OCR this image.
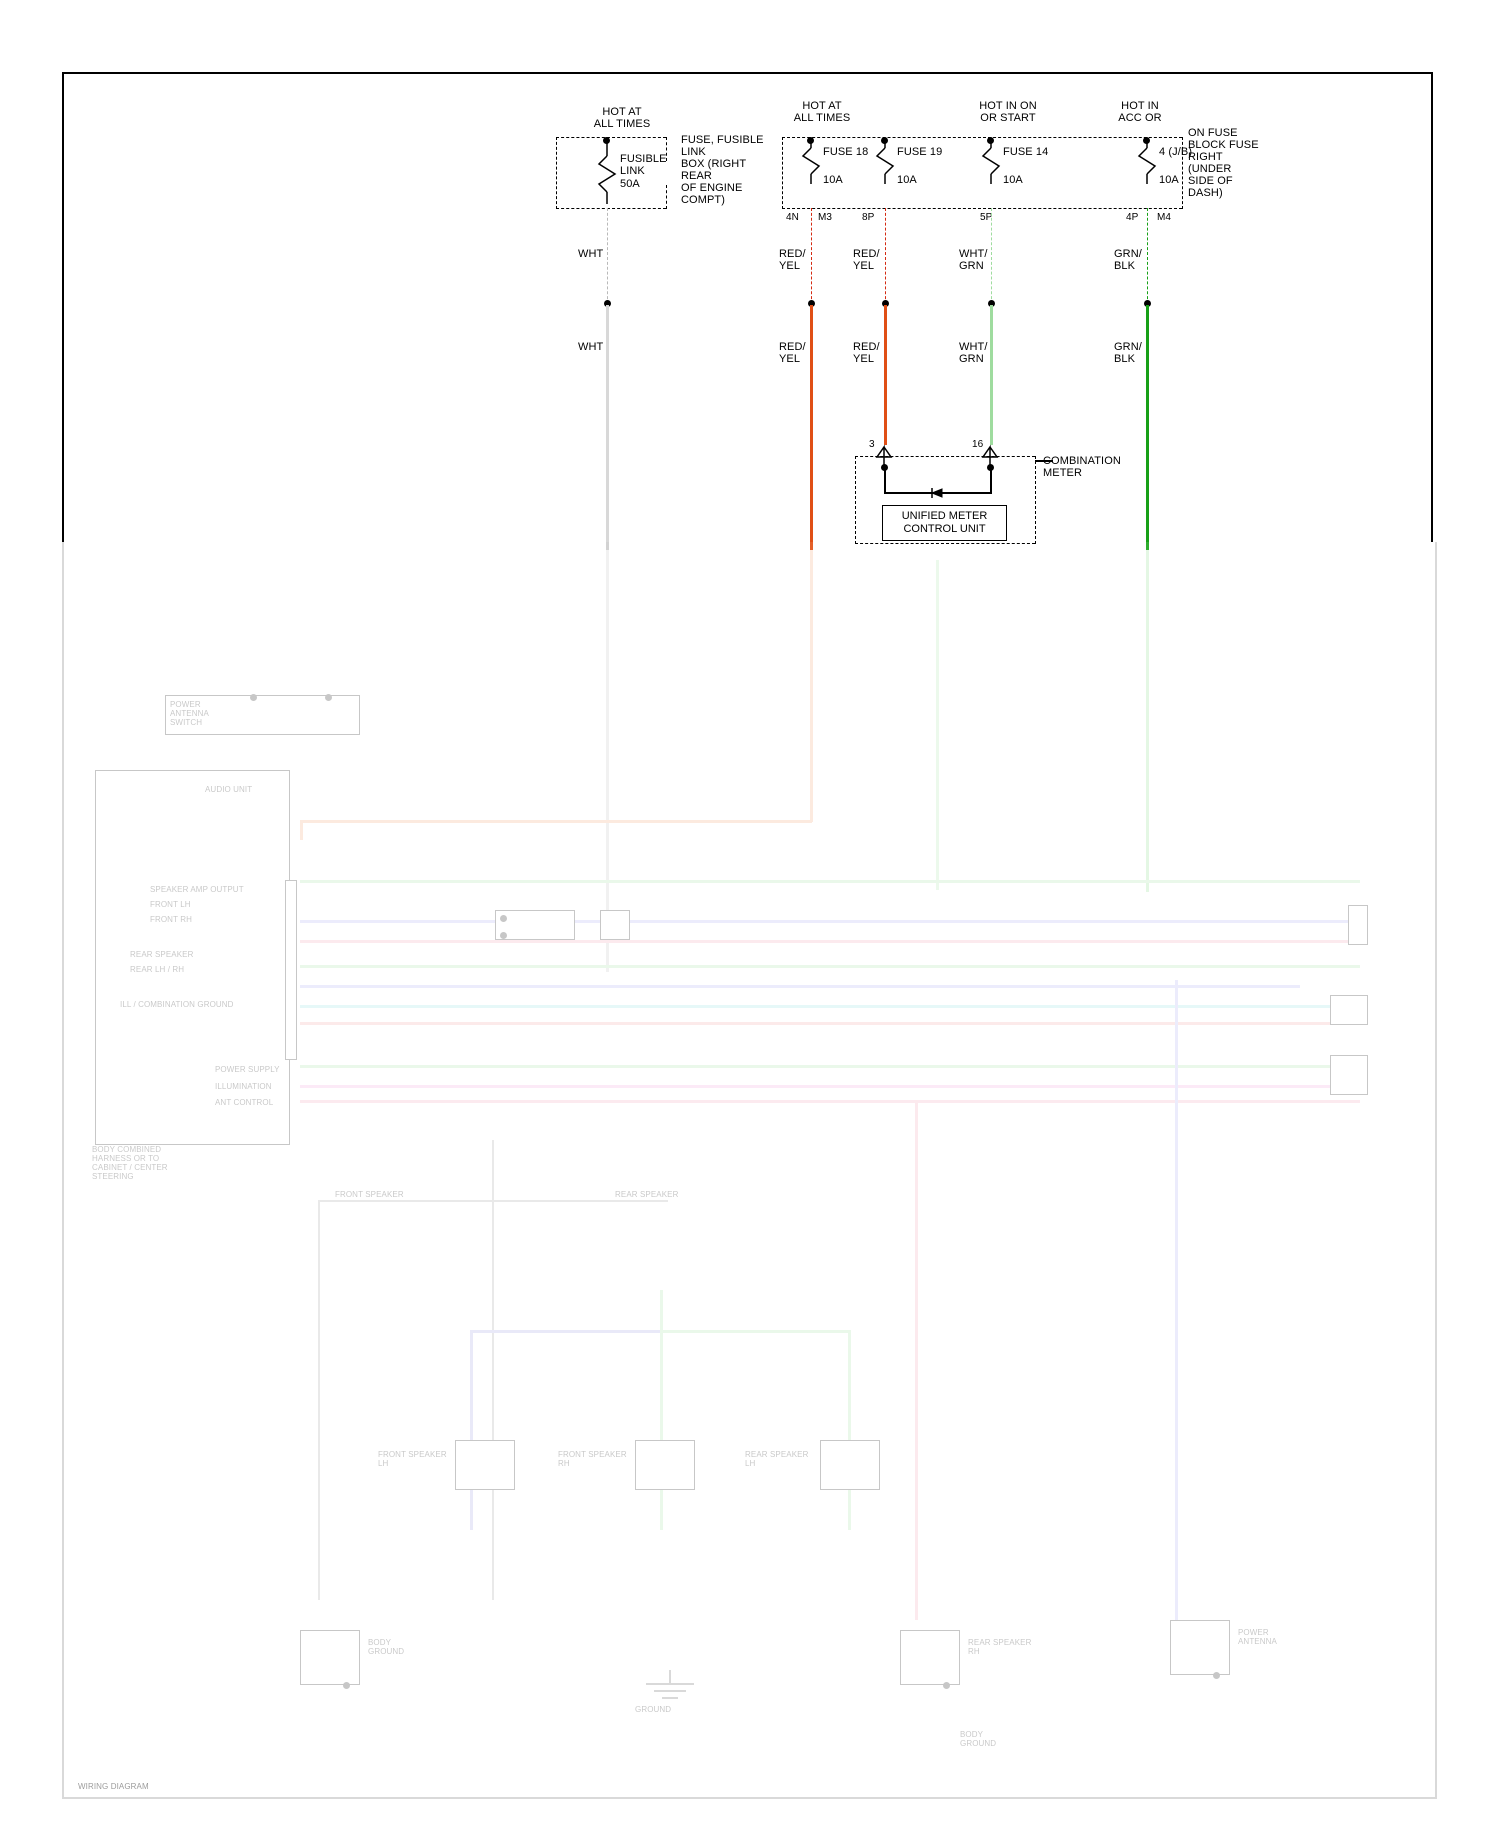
HOT AT
ALL TIMES
HOT AT
ALL TIMES
HOT IN ON
OR START
HOT IN
ACC OR
FUSIBLE
LINK
50A
FUSE, FUSIBLE
LINK
BOX (RIGHT
REAR
OF ENGINE
COMPT)
ON FUSE
BLOCK FUSE
RIGHT
(UNDER
SIDE OF
DASH)
FUSE 18
10A
4N M3
FUSE 19
10A
8P
FUSE 14
10A
5P
4 (J/B)
10A
4P M4
WHT	RED/
YEL
RED/
YEL
WHT/
GRN
GRN/
BLK
WHT	RED/
YEL
RED/
YEL
WHT/
GRN
GRN/
BLK
3	16
UNIFIED METER
CONTROL UNIT
COMBINATION
METER
POWER
ANTENNA
SWITCH
AUDIO UNIT
SPEAKER AMP OUTPUT
FRONT LH
FRONT RH
REAR SPEAKER
REAR LH / RH
ILL / COMBINATION GROUND
POWER SUPPLY
ILLUMINATION
ANT CONTROL
BODY COMBINED
HARNESS OR TO
CABINET / CENTER
STEERING
FRONT SPEAKER	REAR SPEAKER
FRONT SPEAKER
LH
FRONT SPEAKER
RH
REAR SPEAKER
LH
BODY
GROUND
GROUND
REAR SPEAKER
RH
BODY
GROUND
POWER
ANTENNA
WIRING DIAGRAM
